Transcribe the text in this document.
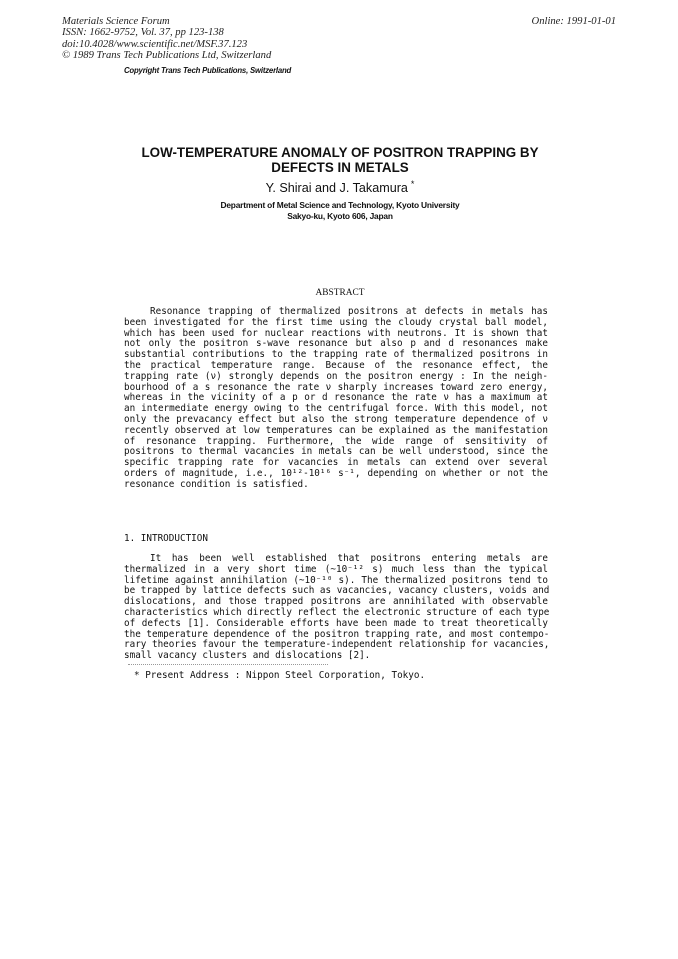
Materials Science Forum
ISSN: 1662-9752, Vol. 37, pp 123-138
doi:10.4028/www.scientific.net/MSF.37.123
© 1989 Trans Tech Publications Ltd, Switzerland
Online: 1991-01-01
Copyright Trans Tech Publications, Switzerland
LOW-TEMPERATURE ANOMALY OF POSITRON TRAPPING BY
DEFECTS IN METALS
Y. Shirai and J. Takamura *
Department of Metal Science and Technology, Kyoto University
Sakyo-ku, Kyoto 606, Japan
ABSTRACT
Resonance trapping of thermalized positrons at defects in metals has
been investigated for the first time using the cloudy crystal ball model,
which has been used for nuclear reactions with neutrons. It is shown that
not only the positron s-wave resonance but also p and d resonances make
substantial contributions to the trapping rate of thermalized positrons in
the practical temperature range. Because of the resonance effect, the
trapping rate (ν) strongly depends on the positron energy : In the neigh-
bourhood of a s resonance the rate ν sharply increases toward zero energy,
whereas in the vicinity of a p or d resonance the rate ν has a maximum at
an intermediate energy owing to the centrifugal force. With this model, not
only the prevacancy effect but also the strong temperature dependence of ν
recently observed at low temperatures can be explained as the manifestation
of resonance trapping. Furthermore, the wide range of sensitivity of
positrons to thermal vacancies in metals can be well understood, since the
specific trapping rate for vacancies in metals can extend over several
orders of magnitude, i.e., 10¹²-10¹⁶ s⁻¹, depending on whether or not the
resonance condition is satisfied.
1. INTRODUCTION
It has been well established that positrons entering metals are
thermalized in a very short time (~10⁻¹² s) much less than the typical
lifetime against annihilation (~10⁻¹⁰ s). The thermalized positrons tend to
be trapped by lattice defects such as vacancies, vacancy clusters, voids and
dislocations, and those trapped positrons are annihilated with observable
characteristics which directly reflect the electronic structure of each type
of defects [1]. Considerable efforts have been made to treat theoretically
the temperature dependence of the positron trapping rate, and most contempo-
rary theories favour the temperature-independent relationship for vacancies,
small vacancy clusters and dislocations [2].
* Present Address : Nippon Steel Corporation, Tokyo.
